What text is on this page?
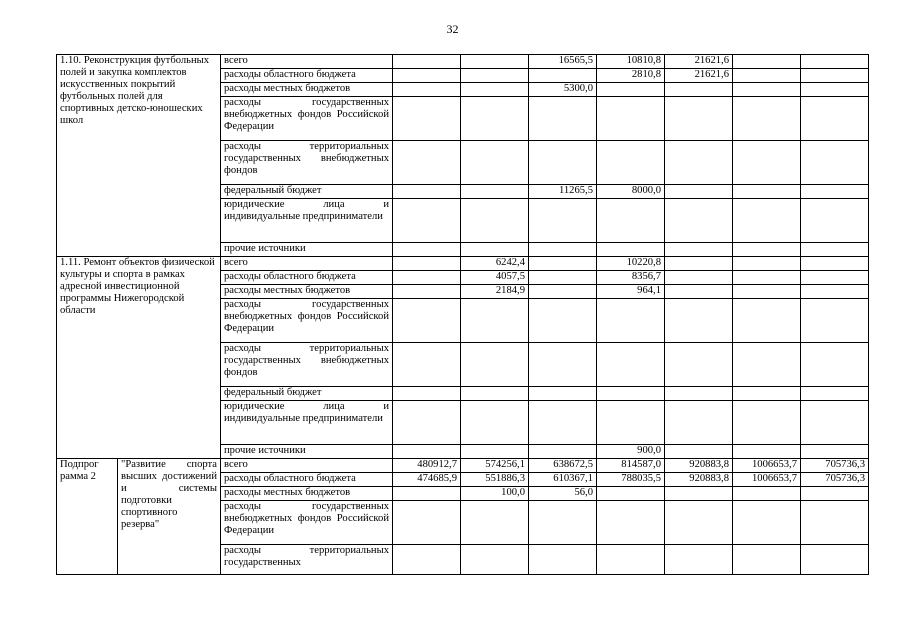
32
1.10. Реконструкция футбольных полей и закупка комплектов искусственных покрытий футбольных полей для спортивных детско-юношеских школ		всего			16565,5	10810,8	21621,6		
		расходы областного бюджета				2810,8	21621,6		
		расходы местных бюджетов			5300,0				
		расходы государственных внебюджетных фондов Российской Федерации							
		расходы территориальных государственных внебюджетных фондов							
		федеральный бюджет			11265,5	8000,0			
		юридические лица и индивидуальные предприниматели							
		прочие источники							
1.11. Ремонт объектов физической культуры и спорта в рамках адресной инвестиционной программы Нижегородской области		всего		6242,4		10220,8			
		расходы областного бюджета		4057,5		8356,7			
		расходы местных бюджетов		2184,9		964,1			
		расходы государственных внебюджетных фондов Российской Федерации							
		расходы территориальных государственных внебюджетных фондов							
		федеральный бюджет							
		юридические лица и индивидуальные предприниматели							
		прочие источники				900,0			
Подпрог рамма 2	"Развитие спорта высших достижений и системы подготовки спортивного резерва"	всего	480912,7	574256,1	638672,5	814587,0	920883,8	1006653,7	705736,3
		расходы областного бюджета	474685,9	551886,3	610367,1	788035,5	920883,8	1006653,7	705736,3
		расходы местных бюджетов		100,0	56,0				
		расходы государственных внебюджетных фондов Российской Федерации							
		расходы территориальных государственных							
